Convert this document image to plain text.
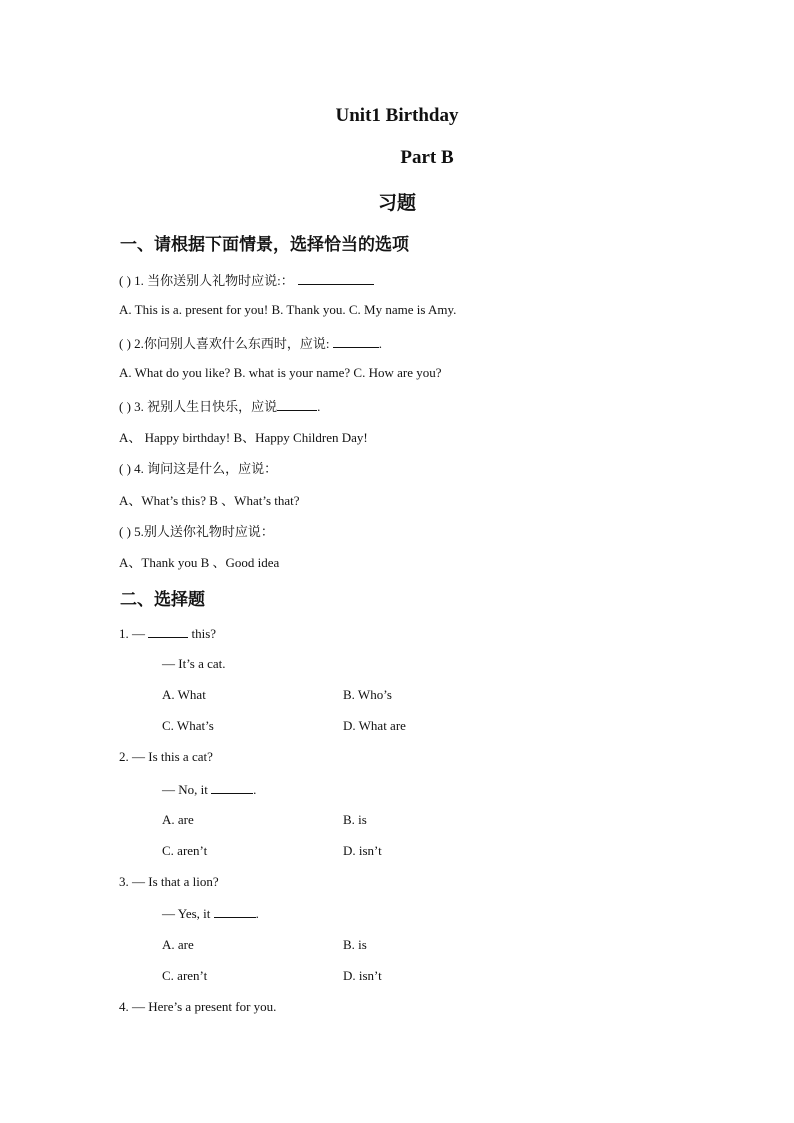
Unit1 Birthday
Part B
习题
一、请根据下面情景，选择恰当的选项
( ) 1. 当你送别人礼物时应说:：
A. This is a. present for you! B. Thank you. C. My name is Amy.
( ) 2.你问别人喜欢什么东西时，应说:	.
A. What do you like? B. what is your name? C. How are you?
( ) 3. 祝别人生日快乐，应说	.
A、 Happy birthday! B、Happy Children Day!
( ) 4. 询问这是什么，应说：
A、What’s this? B 、What’s that?
( ) 5.别人送你礼物时应说：
A、Thank you B 、Good idea
二、选择题
1. —	this?
— It’s a cat.
A. What	B. Who’s
C. What’s	D. What are
2. — Is this a cat?
— No, it	.
A. are	B. is
C. aren’t	D. isn’t
3. — Is that a lion?
— Yes, it	.
A. are	B. is
C. aren’t	D. isn’t
4. — Here’s a present for you.
